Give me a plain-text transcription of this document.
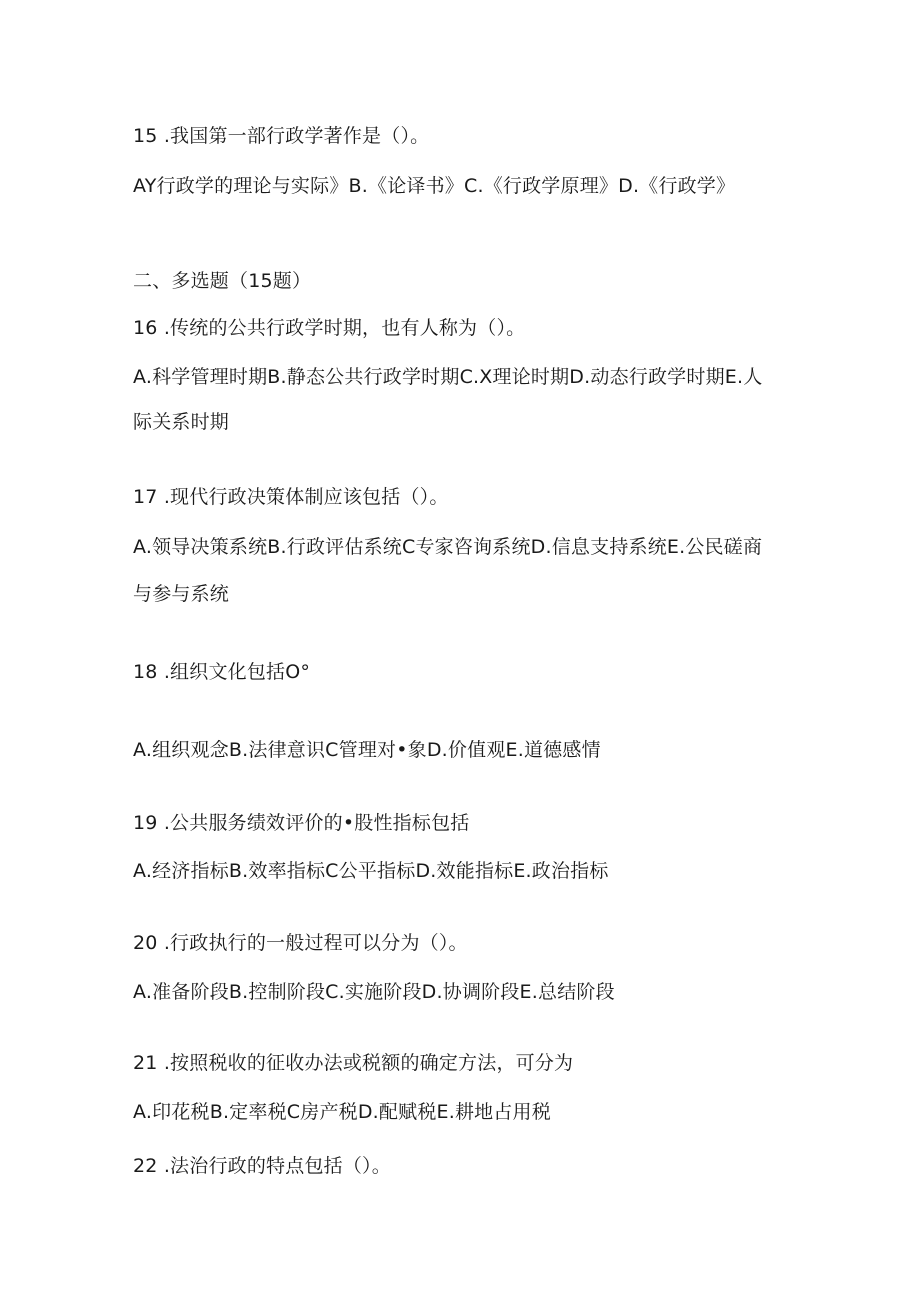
15 .我国第一部行政学著作是（）。
AY行政学的理论与实际》B.《论译书》C.《行政学原理》D.《行政学》
二、多选题（15题）
16 .传统的公共行政学时期，也有人称为（）。
A.科学管理时期B.静态公共行政学时期C.X理论时期D.动态行政学时期E.人
际关系时期
17 .现代行政决策体制应该包括（）。
A.领导决策系统B.行政评估系统C专家咨询系统D.信息支持系统E.公民磋商
与参与系统
18 .组织文化包括O°
A.组织观念B.法律意识C管理对•象D.价值观E.道德感情
19 .公共服务绩效评价的•股性指标包括
A.经济指标B.效率指标C公平指标D.效能指标E.政治指标
20 .行政执行的一般过程可以分为（）。
A.准备阶段B.控制阶段C.实施阶段D.协调阶段E.总结阶段
21 .按照税收的征收办法或税额的确定方法，可分为
A.印花税B.定率税C房产税D.配赋税E.耕地占用税
22 .法治行政的特点包括（）。
